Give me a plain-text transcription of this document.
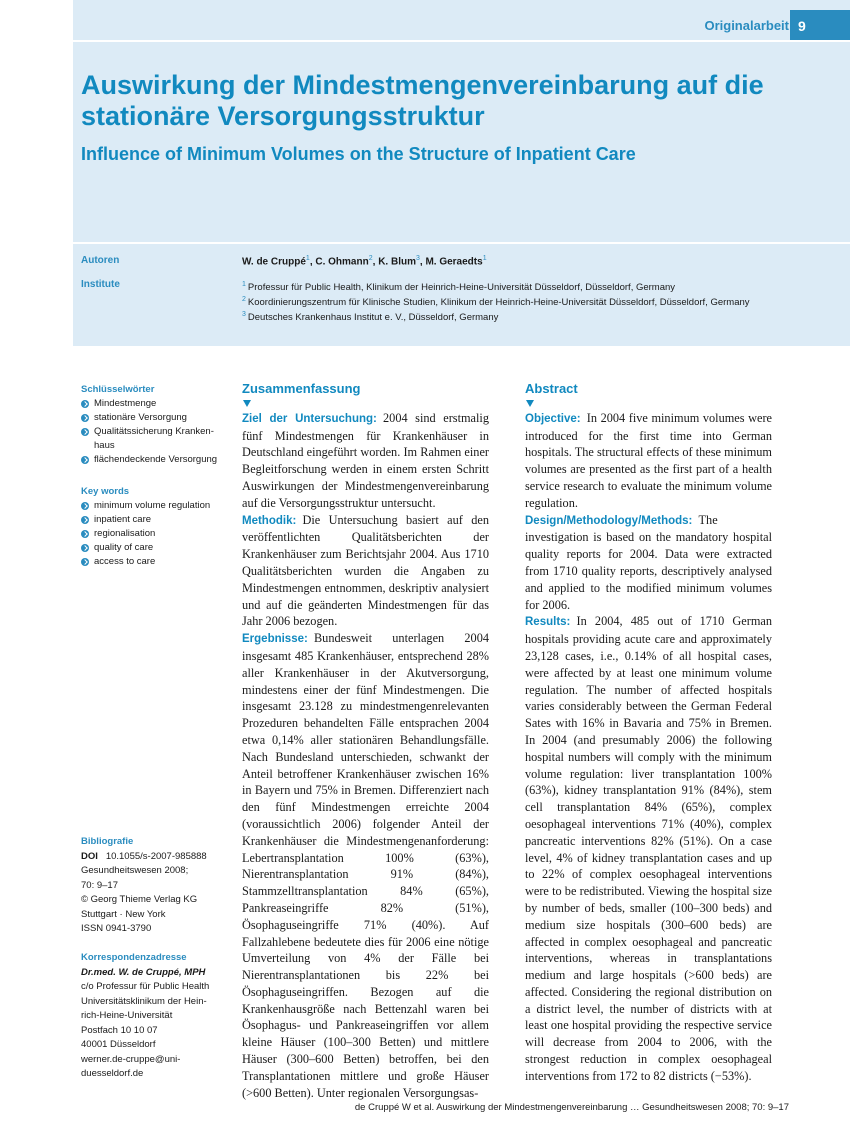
Originalarbeit 9
Auswirkung der Mindestmengenvereinbarung auf die stationäre Versorgungsstruktur
Influence of Minimum Volumes on the Structure of Inpatient Care
Autoren
Institute
W. de Cruppé$^1$, C. Ohmann$^2$, K. Blum$^3$, M. Geraedts$^1$
$^1$ Professur für Public Health, Klinikum der Heinrich-Heine-Universität Düsseldorf, Düsseldorf, Germany
$^2$ Koordinierungszentrum für Klinische Studien, Klinikum der Heinrich-Heine-Universität Düsseldorf, Düsseldorf, Germany
$^3$ Deutsches Krankenhaus Institut e. V., Düsseldorf, Germany
Schlüsselwörter
Mindestmenge
stationäre Versorgung
Qualitätssicherung Kranken-haus
flächendeckende Versorgung
Key words
minimum volume regulation
inpatient care
regionalisation
quality of care
access to care
Bibliografie
DOI 10.1055/s-2007-985888
Gesundheitswesen 2008;
70: 9–17
© Georg Thieme Verlag KG
Stuttgart · New York
ISSN 0941-3790
Korrespondenzadresse
Dr.med. W. de Cruppé, MPH
c/o Professur für Public Health
Universitätsklinikum der Hein-
rich-Heine-Universität
Postfach 10 10 07
40001 Düsseldorf
werner.de-cruppe@uni-
duesseldorf.de
Zusammenfassung

Ziel der Untersuchung:  2004 sind erstmalig fünf Mindestmengen für Krankenhäuser in Deutschland eingeführt worden. Im Rahmen einer Begleitforschung werden in einem ersten Schritt Auswirkungen der Mindestmengenvereinbarung auf die Versorgungsstruktur untersucht.

Methodik:  Die Untersuchung basiert auf den veröffentlichten Qualitätsberichten der Krankenhäuser zum Berichtsjahr 2004. Aus 1710 Qualitätsberichten wurden die Angaben zu Mindestmengen entnommen, deskriptiv analysiert und auf die geänderten Mindestmengen für das Jahr 2006 bezogen.

Ergebnisse:  Bundesweit unterlagen 2004 insgesamt 485 Krankenhäuser, entsprechend 28% aller Krankenhäuser in der Akutversorgung, mindestens einer der fünf Mindestmengen. Die insgesamt 23.128 zu mindestmengenrelevanten Prozeduren behandelten Fälle entsprachen 2004 etwa 0,14% aller stationären Behandlungsfälle. Nach Bundesland unterschieden, schwankt der Anteil betroffener Krankenhäuser zwischen 16% in Bayern und 75% in Bremen. Differenziert nach den fünf Mindestmengen erreichte 2004 (voraussichtlich 2006) folgender Anteil der Krankenhäuser die Mindestmengenanforderung: Lebertransplantation 100% (63%), Nierentransplantation 91% (84%), Stammzelltransplantation 84% (65%), Pankreaseingriffe 82% (51%), Ösophaguseingriffe 71% (40%). Auf Fallzahlebene bedeutete dies für 2006 eine nötige Umverteilung von 4% der Fälle bei Nierentransplantationen bis 22% bei Ösophaguseingriffen. Bezogen auf die Krankenhausgröße nach Bettenzahl waren bei Ösophagus- und Pankreaseingriffen vor allem kleine Häuser (100–300 Betten) und mittlere Häuser (300–600 Betten) betroffen, bei den Transplantationen mittlere und große Häuser (>600 Betten). Unter regionalen Versorgungsas-

Abstract

Objective:  In 2004 five minimum volumes were introduced for the first time into German hospitals. The structural effects of these minimum volumes are presented as the first part of a health service research to evaluate the minimum volume regulation.

Design/Methodology/Methods:  The investigation is based on the mandatory hospital quality reports for 2004. Data were extracted from 1710 quality reports, descriptively analysed and applied to the modified minimum volumes for 2006.

Results:  In 2004, 485 out of 1710 German hospitals providing acute care and approximately 23,128 cases, i.e., 0.14% of all hospital cases, were affected by at least one minimum volume regulation. The number of affected hospitals varies considerably between the German Federal Sates with 16% in Bavaria and 75% in Bremen. In 2004 (and presumably 2006) the following hospital numbers will comply with the minimum volume regulation: liver transplantation 100% (63%), kidney transplantation 91% (84%), stem cell transplantation 84% (65%), complex oesophageal interventions 71% (40%), complex pancreatic interventions 82% (51%). On a case level, 4% of kidney transplantation cases and up to 22% of complex oesophageal interventions were to be redistributed. Viewing the hospital size by number of beds, smaller (100–300 beds) and medium size hospitals (300–600 beds) are affected in complex oesophageal and pancreatic interventions, whereas in transplantations medium and large hospitals (>600 beds) are affected. Considering the regional distribution on a district level, the number of districts with at least one hospital providing the respective service will decrease from 2004 to 2006, with the strongest reduction in complex oesophageal interventions from 172 to 82 districts (−53%).

de Cruppé W et al. Auswirkung der Mindestmengenvereinbarung … Gesundheitswesen 2008; 70: 9–17
